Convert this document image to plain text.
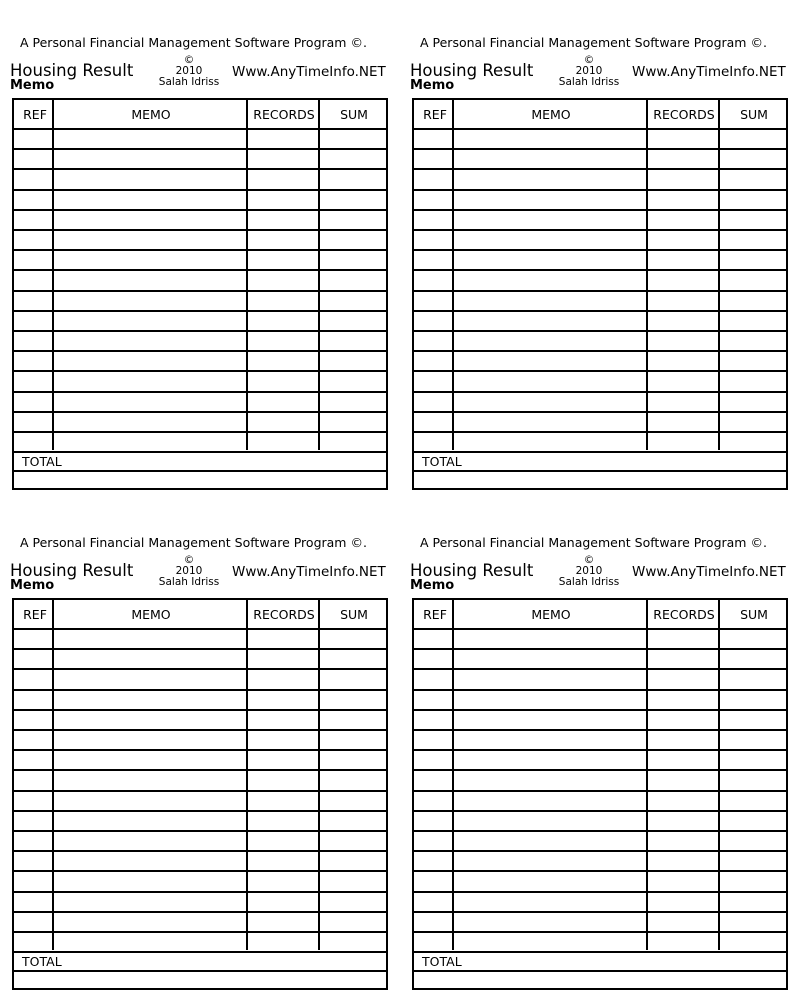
A Personal Financial Management Software Program ©.
Housing Result
Memo
©
2010
Salah Idriss
Www.AnyTimeInfo.NET
REF	MEMO	RECORDS	SUM
TOTAL
A Personal Financial Management Software Program ©.
Housing Result
Memo
©
2010
Salah Idriss
Www.AnyTimeInfo.NET
REF	MEMO	RECORDS	SUM
TOTAL
A Personal Financial Management Software Program ©.
Housing Result
Memo
©
2010
Salah Idriss
Www.AnyTimeInfo.NET
REF	MEMO	RECORDS	SUM
TOTAL
A Personal Financial Management Software Program ©.
Housing Result
Memo
©
2010
Salah Idriss
Www.AnyTimeInfo.NET
REF	MEMO	RECORDS	SUM
TOTAL
